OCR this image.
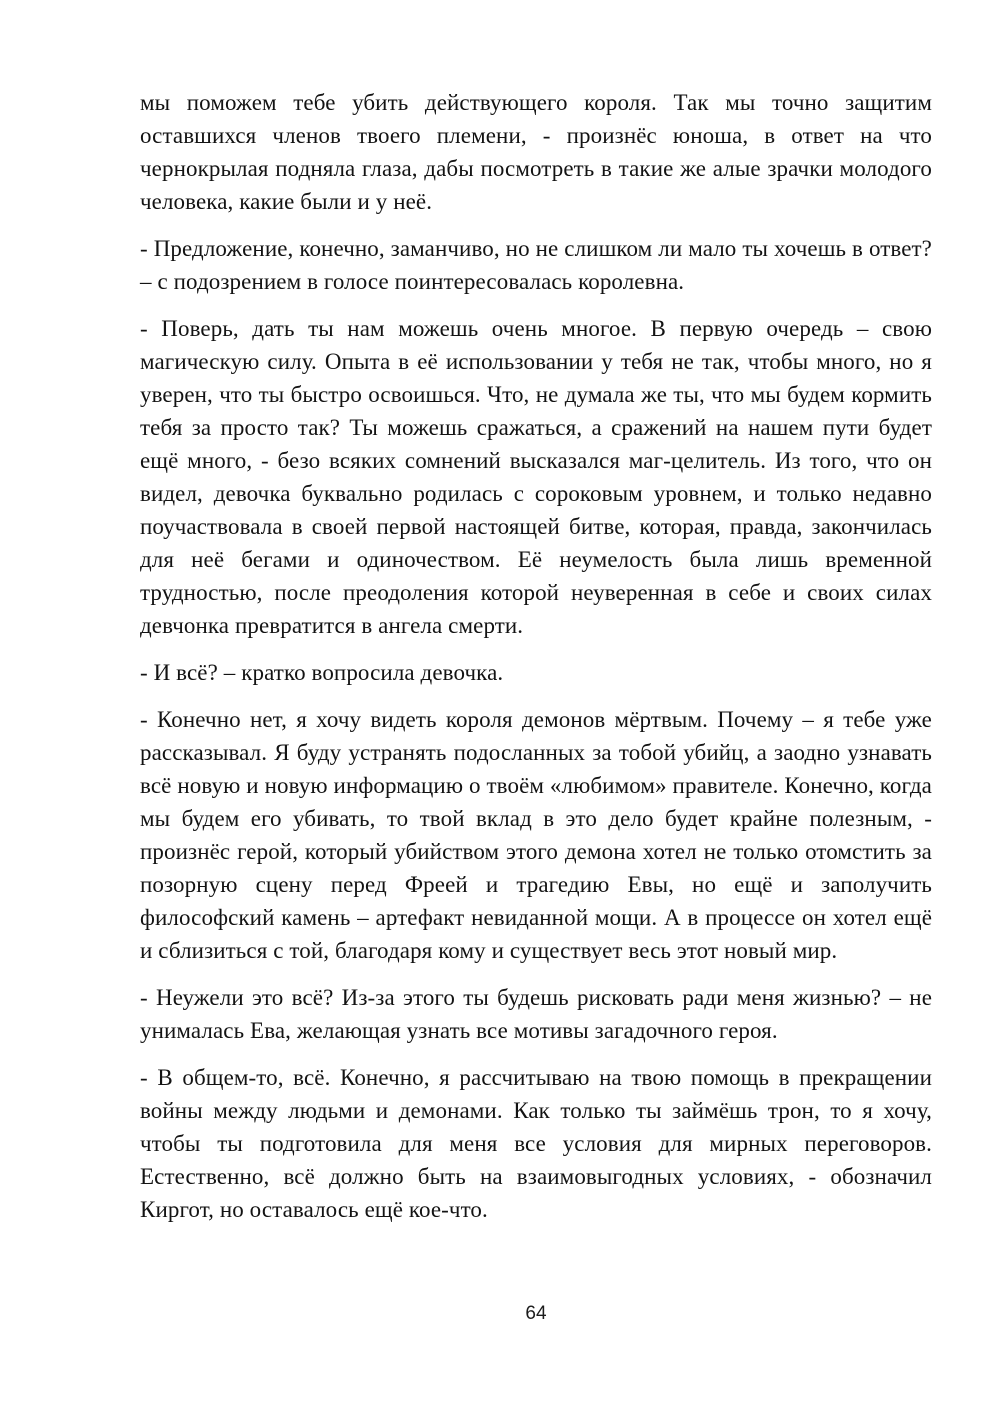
мы поможем тебе убить действующего короля. Так мы точно защитим оставшихся членов твоего племени, - произнёс юноша, в ответ на что чернокрылая подняла глаза, дабы посмотреть в такие же алые зрачки молодого человека, какие были и у неё.

- Предложение, конечно, заманчиво, но не слишком ли мало ты хочешь в ответ? – с подозрением в голосе поинтересовалась королевна.

- Поверь, дать ты нам можешь очень многое. В первую очередь – свою магическую силу. Опыта в её использовании у тебя не так, чтобы много, но я уверен, что ты быстро освоишься. Что, не думала же ты, что мы будем кормить тебя за просто так? Ты можешь сражаться, а сражений на нашем пути будет ещё много, - безо всяких сомнений высказался маг-целитель. Из того, что он видел, девочка буквально родилась с сороковым уровнем, и только недавно поучаствовала в своей первой настоящей битве, которая, правда, закончилась для неё бегами и одиночеством. Её неумелость была лишь временной трудностью, после преодоления которой неуверенная в себе и своих силах девчонка превратится в ангела смерти.

- И всё? – кратко вопросила девочка.

- Конечно нет, я хочу видеть короля демонов мёртвым. Почему – я тебе уже рассказывал. Я буду устранять подосланных за тобой убийц, а заодно узнавать всё новую и новую информацию о твоём «любимом» правителе. Конечно, когда мы будем его убивать, то твой вклад в это дело будет крайне полезным, - произнёс герой, который убийством этого демона хотел не только отомстить за позорную сцену перед Фреей и трагедию Евы, но ещё и заполучить философский камень – артефакт невиданной мощи. А в процессе он хотел ещё и сблизиться с той, благодаря кому и существует весь этот новый мир.

- Неужели это всё? Из-за этого ты будешь рисковать ради меня жизнью? – не унималась Ева, желающая узнать все мотивы загадочного героя.

- В общем-то, всё. Конечно, я рассчитываю на твою помощь в прекращении войны между людьми и демонами. Как только ты займёшь трон, то я хочу, чтобы ты подготовила для меня все условия для мирных переговоров. Естественно, всё должно быть на взаимовыгодных условиях, - обозначил Киргот, но оставалось ещё кое-что.

64
